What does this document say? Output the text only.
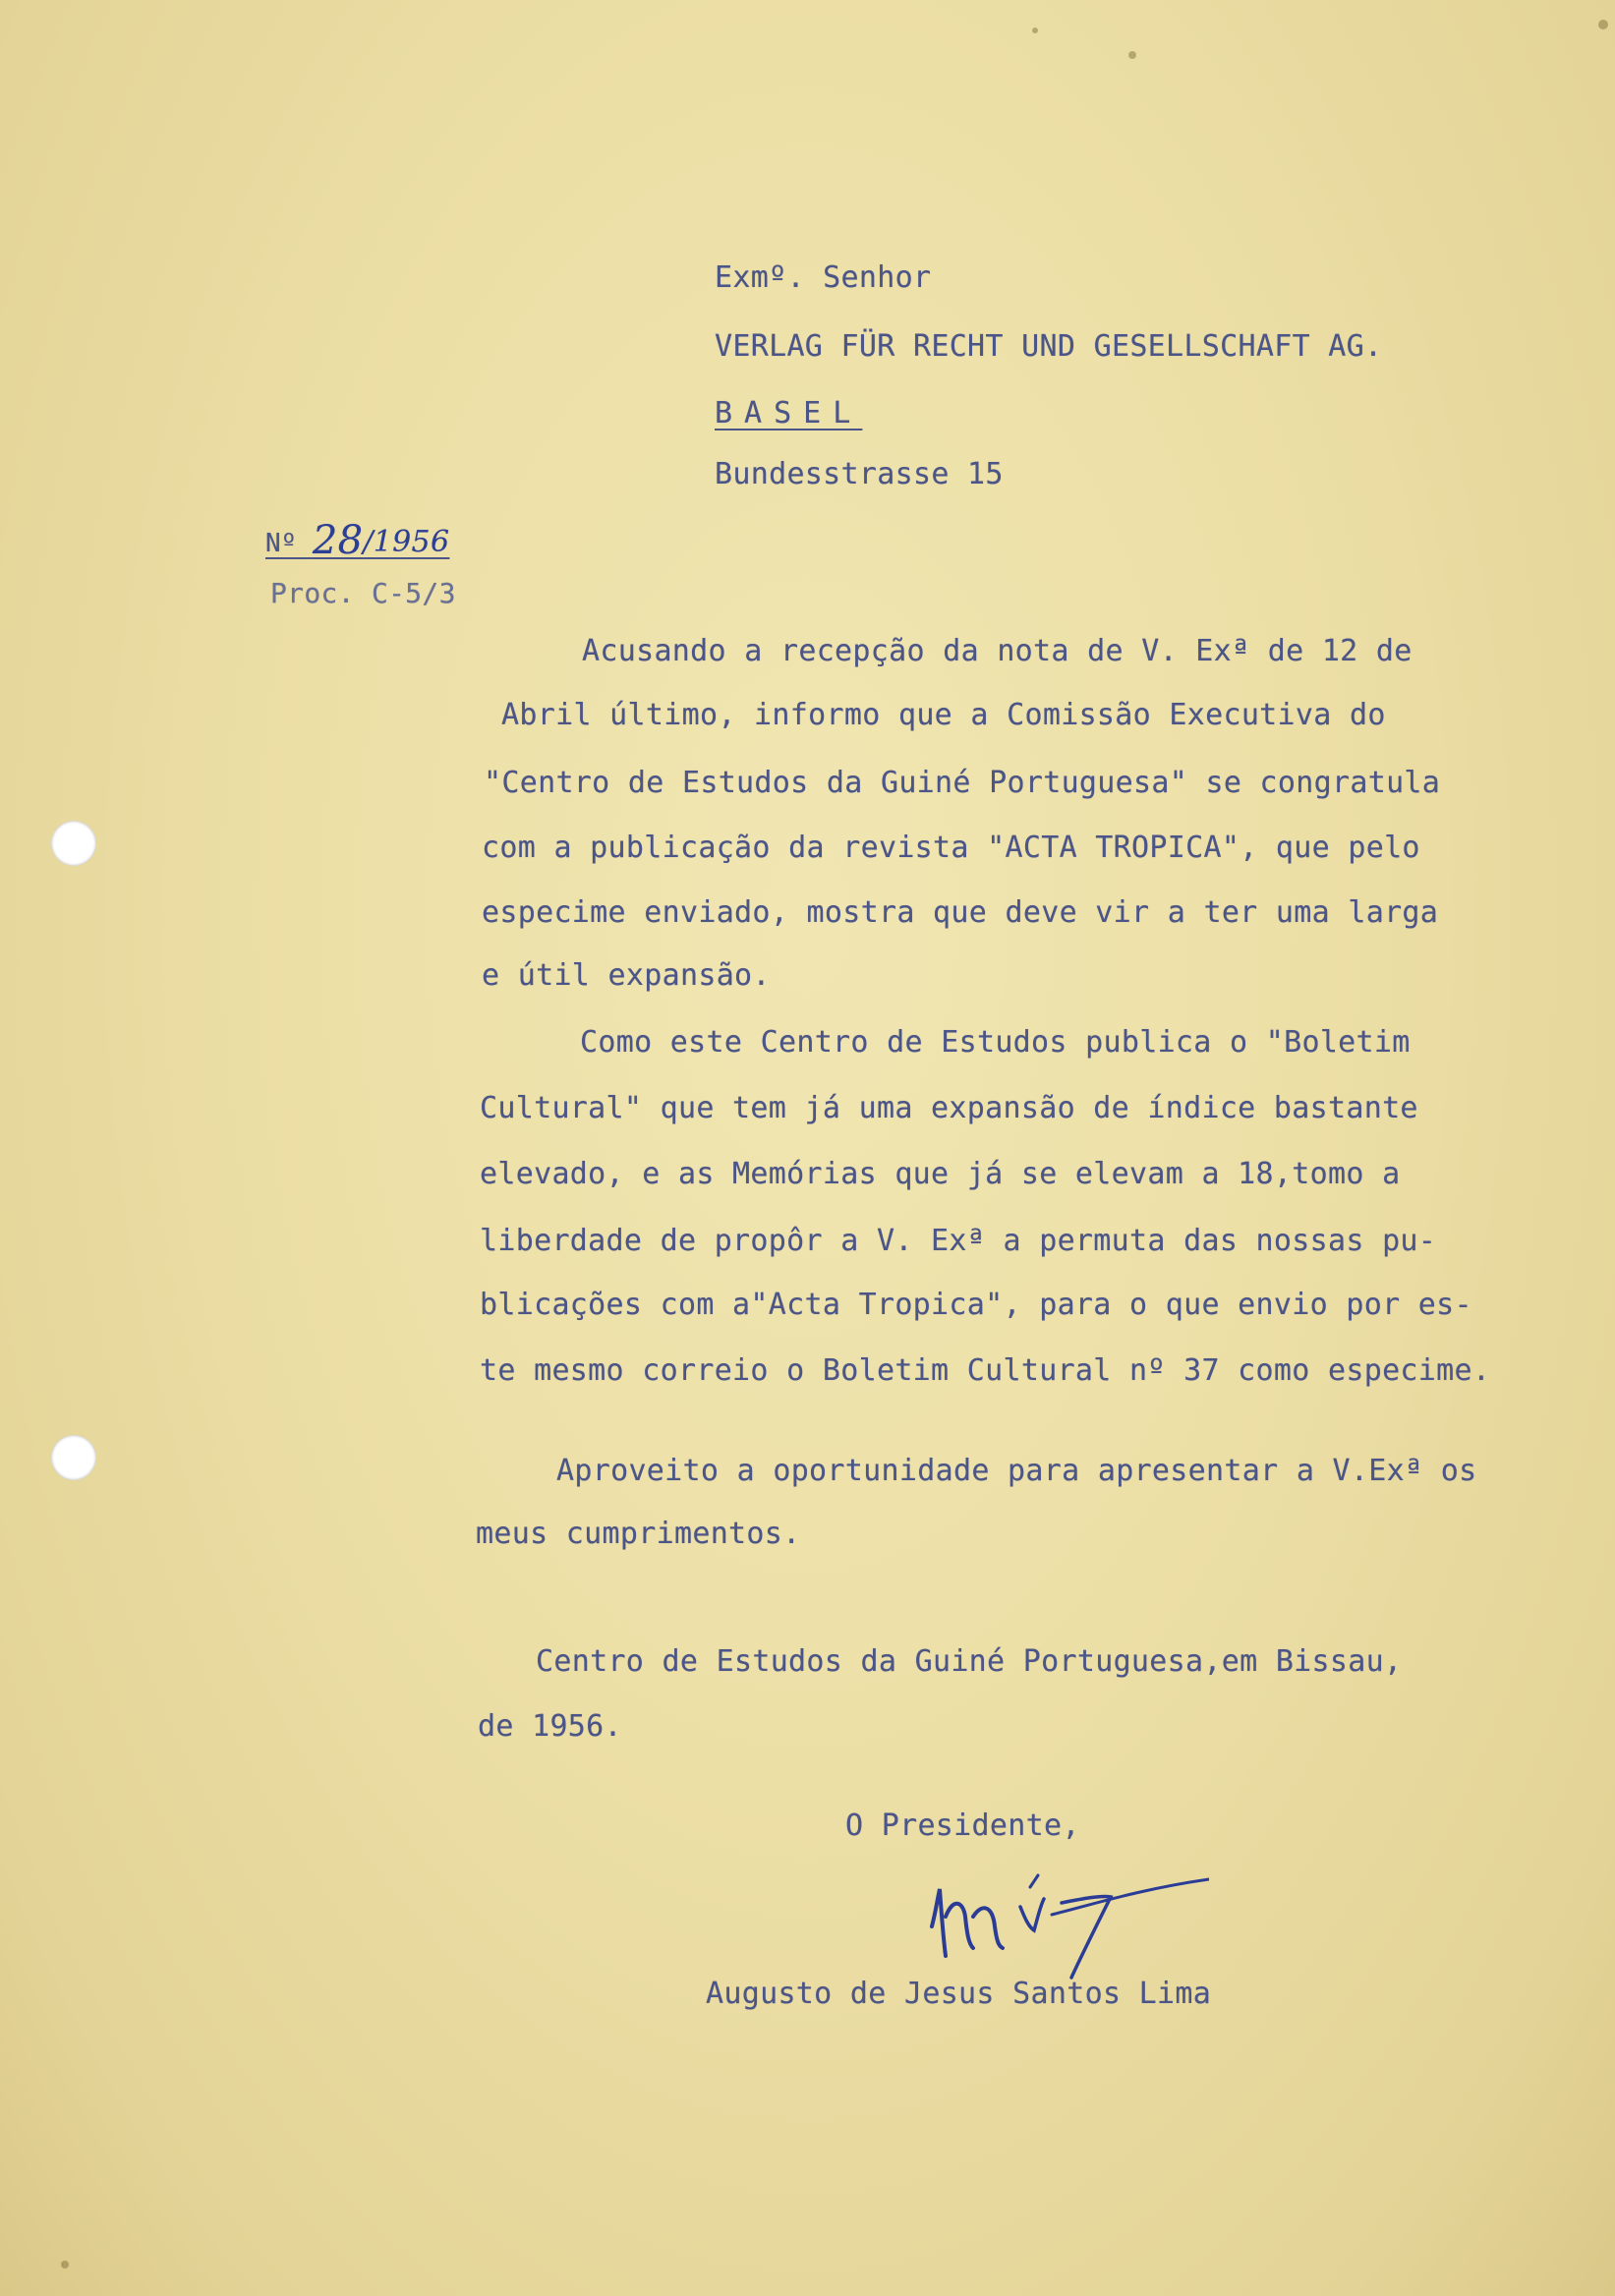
Exmº. Senhor
VERLAG FÜR RECHT UND GESELLSCHAFT AG.
BASEL
Bundesstrasse 15
Nº 28/1956
Proc. C-5/3
Acusando a recepção da nota de V. Exª de 12 de
Abril último, informo que a Comissão Executiva do
"Centro de Estudos da Guiné Portuguesa" se congratula
com a publicação da revista "ACTA TROPICA", que pelo
especime enviado, mostra que deve vir a ter uma larga
e útil expansão.
Como este Centro de Estudos publica o "Boletim
Cultural" que tem já uma expansão de índice bastante
elevado, e as Memórias que já se elevam a 18,tomo a
liberdade de propôr a V. Exª a permuta das nossas pu-
blicações com a"Acta Tropica", para o que envio por es-
te mesmo correio o Boletim Cultural nº 37 como especime.
Aproveito a oportunidade para apresentar a V.Exª os
meus cumprimentos.
Centro de Estudos da Guiné Portuguesa,em Bissau,
de 1956.
O Presidente,
Augusto de Jesus Santos Lima
